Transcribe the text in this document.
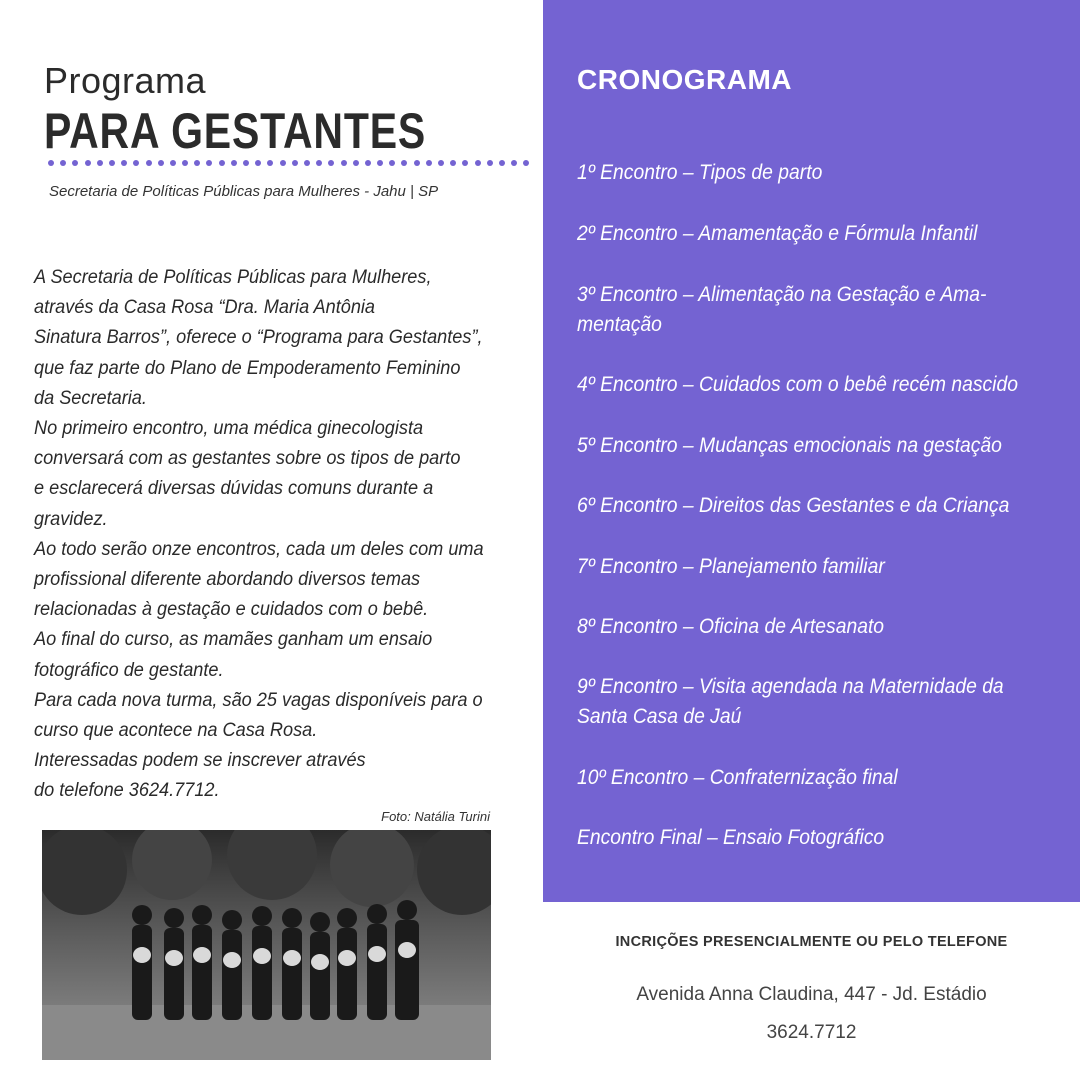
Programa
PARA GESTANTES
Secretaria de Políticas Públicas para Mulheres - Jahu | SP
A Secretaria de Políticas Públicas para Mulheres,
através da Casa Rosa “Dra. Maria Antônia
Sinatura Barros”, oferece o “Programa para Gestantes”,
que faz parte do Plano de Empoderamento Feminino
da Secretaria.
No primeiro encontro, uma médica ginecologista
conversará com as gestantes sobre os tipos de parto
e esclarecerá diversas dúvidas comuns durante a
gravidez.
Ao todo serão onze encontros, cada um deles com uma
profissional diferente abordando diversos temas
relacionadas à gestação e cuidados com o bebê.
Ao final do curso, as mamães ganham um ensaio
fotográfico de gestante.
Para cada nova turma, são 25 vagas disponíveis para o
curso que acontece na Casa Rosa.
Interessadas podem se inscrever através
do telefone 3624.7712.
Foto: Natália Turini
CRONOGRAMA
1º Encontro – Tipos de parto
2º Encontro – Amamentação e Fórmula Infantil
3º Encontro – Alimentação na Gestação e Ama-
mentação
4º Encontro – Cuidados com o bebê recém nascido
5º Encontro – Mudanças emocionais na gestação
6º Encontro – Direitos das Gestantes e da Criança
7º Encontro – Planejamento familiar
8º Encontro – Oficina de Artesanato
9º Encontro – Visita agendada na Maternidade da
Santa Casa de Jaú
10º Encontro – Confraternização final
Encontro Final – Ensaio Fotográfico
INCRIÇÕES PRESENCIALMENTE OU PELO TELEFONE
Avenida Anna Claudina, 447 - Jd. Estádio
3624.7712
